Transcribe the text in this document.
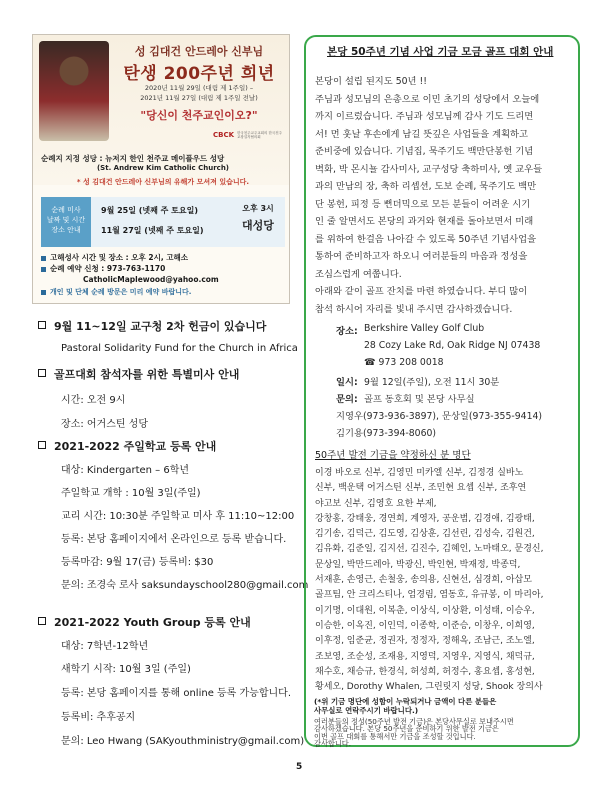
성 김대건 안드레아 신부님
탄생 200주년 희년
2020년 11월 29일 (대림 제 1주일) –
2021년 11월 27일 (대림 제 1주일 전날)
"당신이 천주교인이오?"
CBCK 한국천주교주교회의 한국천주교창설자협의회
순례지 지정 성당 : 뉴저지 한인 천주교 메이플우드 성당
(St. Andrew Kim Catholic Church)
* 성 김대건 안드레아 신부님의 유해가 모셔져 있습니다.
순례 미사
날짜 및 시간
장소 안내
9월 25일 (넷째 주 토요일)
11월 27일 (넷째 주 토요일)
오후 3시
대성당
고해성사 시간 및 장소 : 오후 2시, 고해소
순례 예약 신청 : 973-763-1170
CatholicMaplewood@yahoo.com
개인 및 단체 순례 방문은 미리 예약 바랍니다.
9월 11~12일 교구청 2차 헌금이 있습니다
Pastoral Solidarity Fund for the Church in Africa
골프대회 참석자를 위한 특별미사 안내
시간: 오전 9시
장소: 어거스틴 성당
2021-2022 주일학교 등록 안내
대상: Kindergarten – 6학년
주일학교 개학 : 10월 3일(주일)
교리 시간: 10:30분 주일학교 미사 후 11:10~12:00
등록: 본당 홈페이지에서 온라인으로 등록 받습니다.
등록마감: 9월 17(금) 등록비: $30
문의: 조경숙 로사 saksundayschool280@gmail.com
2021-2022 Youth Group 등록 안내
대상: 7학년-12학년
새학기 시작: 10월 3일 (주일)
등록: 본당 홈페이지를 통해 online 등록 가능합니다.
등록비: 추후공지
문의: Leo Hwang (SAKyouthministry@gmail.com)
본당 50주년 기념 사업 기금 모금 골프 대회 안내
본당이 설립 된지도 50년 !!
주님과 성모님의 은총으로 이민 초기의 성당에서 오늘에
까지 이르렀습니다. 주님과 성모님께 감사 기도 드리면
서! 먼 훗날 후손에게 남길 뜻깊은 사업들을 계획하고
준비중에 있습니다. 기념집, 묵주기도 백만단봉헌 기념
벽화, 박 몬시뇰 감사미사, 교구성당 축하미사, 옛 교우들
과의 만남의 장, 축하 리셉션, 도보 순례, 묵주기도 백만
단 봉헌, 피정 등 뻔더믹으로 모든 분들이 어려운 시기
인 줄 알면서도 본당의 과거와 현재를 돌아보면서 미래
를 위하여 한걸음 나아갈 수 있도록 50주년 기념사업을
통하여 준비하고자 하오니 여러분들의 마음과 정성을
조심스럽게 여쭙니다.
아래와 같이 골프 잔치를 마련 하였습니다. 부디 많이
참석 하시어 자리를 빛내 주시면 감사하겠습니다.
장소: Berkshire Valley Golf Club
28 Cozy Lake Rd, Oak Ridge NJ 07438
☎ 973 208 0018
일시: 9월 12일(주일), 오전 11시 30분
문의: 골프 동호회 및 본당 사무실
지영우(973-936-3897), 문상일(973-355-9414)
김기용(973-394-8060)
50주년 발전 기금을 약정하신 분 명단
이경 바오로 신부, 김영민 미카엘 신부, 김정경 실바노
신부, 백운택 어거스틴 신부, 조민현 요셉 신부, 조후연
야고보 신부, 김영호 요한 부제,
강창홍, 강태웅, 경연희, 계영자, 공운범, 김경애, 김광태,
김기송, 김덕근, 김도영, 김상훈, 김선린, 김성숙, 김원건,
김유화, 김준일, 김지선, 김진수, 김혜인, 노마태오, 문경신,
문상일, 박만드레아, 박광신, 박인현, 박재정, 박종덕,
서재훈, 손영근, 손철웅, 송의용, 신현선, 심경희, 아삽모
골프팀, 안 크리스티나, 엄경림, 염동호, 유규봉, 이 마리아,
이기명, 이대원, 이복춘, 이상식, 이상환, 이성태, 이승우,
이승한, 이옥진, 이인덕, 이종학, 이준승, 이창우, 이희영,
이후정, 임준균, 정권자, 정정자, 정해옥, 조남근, 조노엘,
조보영, 조순성, 조재용, 지영덕, 지영우, 지영식, 채덕규,
채수호, 채승규, 한경식, 허성희, 허정수, 홍요셉, 홍성현,
황세오, Dorothy Whalen, 그린릿지 성당, Shook 장의사
5
(*위 기금 명단에 성함이 누락되거나 금액이 다른 분들은
사무실로 연락주시기 바랍니다.)
여러분들의 정성(50주년 발전 기금)은 본당사무실로 보내주시면
감사하겠습니다. 본당 50주년을 준비하기 위한 발전 기금은
이번 골프 대회를 통해서만 기금을 조성할 것입니다.
감사합니다.
